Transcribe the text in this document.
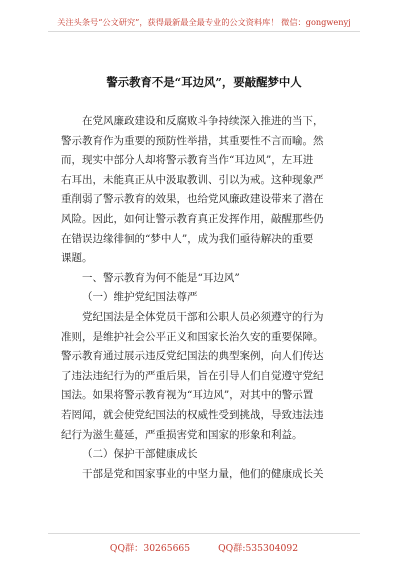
关注头条号“公文研究”，获得最新最全最专业的公文资料库！ 微信：gongwenyj
警示教育不是“耳边风”，要敲醒梦中人
在党风廉政建设和反腐败斗争持续深入推进的当下，
警示教育作为重要的预防性举措，其重要性不言而喻。然
而，现实中部分人却将警示教育当作“耳边风”，左耳进
右耳出，未能真正从中汲取教训、引以为戒。这种现象严
重削弱了警示教育的效果，也给党风廉政建设带来了潜在
风险。因此，如何让警示教育真正发挥作用，敲醒那些仍
在错误边缘徘徊的“梦中人”，成为我们亟待解决的重要
课题。
一、警示教育为何不能是“耳边风”
（一）维护党纪国法尊严
党纪国法是全体党员干部和公职人员必须遵守的行为
准则，是维护社会公平正义和国家长治久安的重要保障。
警示教育通过展示违反党纪国法的典型案例，向人们传达
了违法违纪行为的严重后果，旨在引导人们自觉遵守党纪
国法。如果将警示教育视为“耳边风”，对其中的警示置
若罔闻，就会使党纪国法的权威性受到挑战，导致违法违
纪行为滋生蔓延，严重损害党和国家的形象和利益。
（二）保护干部健康成长
干部是党和国家事业的中坚力量，他们的健康成长关
QQ群：30265665	QQ群:535304092
